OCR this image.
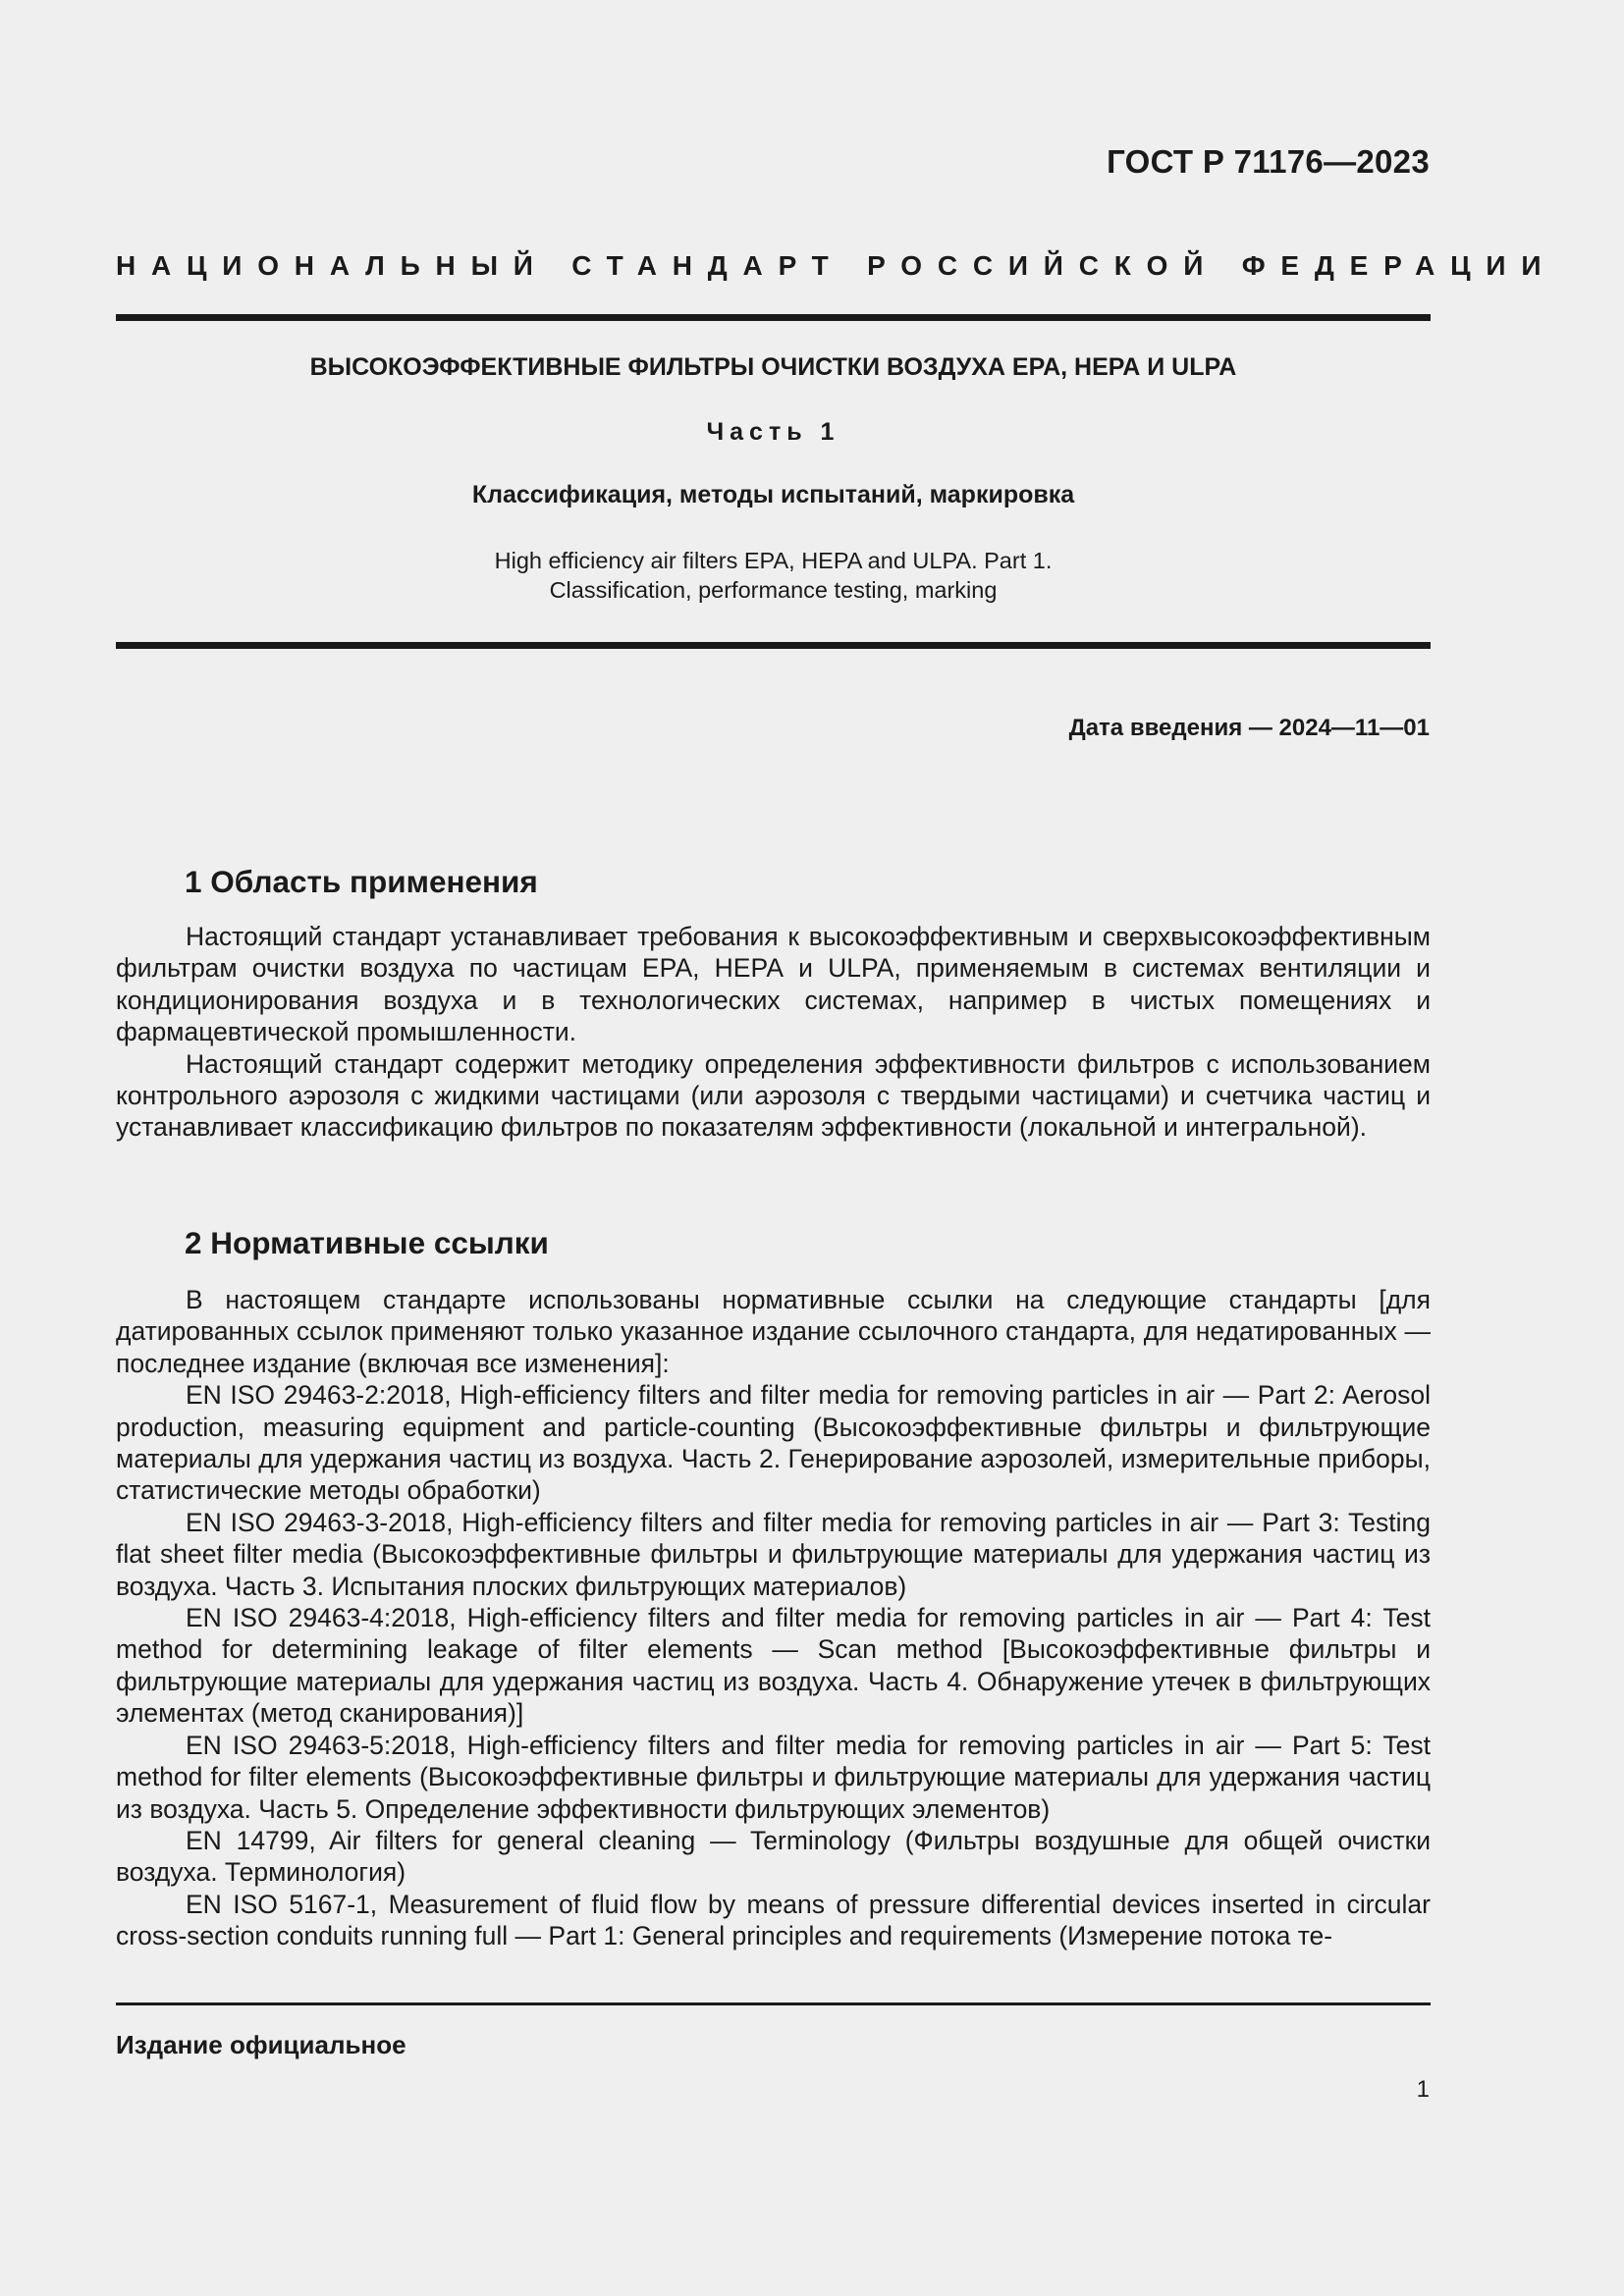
ГОСТ Р 71176—2023
НАЦИОНАЛЬНЫЙ СТАНДАРТ РОССИЙСКОЙ ФЕДЕРАЦИИ
ВЫСОКОЭФФЕКТИВНЫЕ ФИЛЬТРЫ ОЧИСТКИ ВОЗДУХА ЕРА, НЕРА И ULPA
Часть 1
Классификация, методы испытаний, маркировка
High efficiency air filters EPA, HEPA and ULPA. Part 1.
Classification, performance testing, marking
Дата введения — 2024—11—01
1 Область применения

Настоящий стандарт устанавливает требования к высокоэффективным и сверхвысокоэффективным фильтрам очистки воздуха по частицам ЕРА, НЕРА и ULPA, применяемым в системах вентиляции и кондиционирования воздуха и в технологических системах, например в чистых помещениях и фармацевтической промышленности.

Настоящий стандарт содержит методику определения эффективности фильтров с использованием контрольного аэрозоля с жидкими частицами (или аэрозоля с твердыми частицами) и счетчика частиц и устанавливает классификацию фильтров по показателям эффективности (локальной и интегральной).

2 Нормативные ссылки

В настоящем стандарте использованы нормативные ссылки на следующие стандарты [для датированных ссылок применяют только указанное издание ссылочного стандарта, для недатированных — последнее издание (включая все изменения]:

EN ISO 29463-2:2018, High-efficiency filters and filter media for removing particles in air — Part 2: Aerosol production, measuring equipment and particle-counting (Высокоэффективные фильтры и фильтрующие материалы для удержания частиц из воздуха. Часть 2. Генерирование аэрозолей, измерительные приборы, статистические методы обработки)

EN ISO 29463-3-2018, High-efficiency filters and filter media for removing particles in air — Part 3: Testing flat sheet filter media (Высокоэффективные фильтры и фильтрующие материалы для удержания частиц из воздуха. Часть 3. Испытания плоских фильтрующих материалов)

EN ISO 29463-4:2018, High-efficiency filters and filter media for removing particles in air — Part 4: Test method for determining leakage of filter elements — Scan method [Высокоэффективные фильтры и фильтрующие материалы для удержания частиц из воздуха. Часть 4. Обнаружение утечек в фильтрующих элементах (метод сканирования)]

EN ISO 29463-5:2018, High-efficiency filters and filter media for removing particles in air — Part 5: Test method for filter elements (Высокоэффективные фильтры и фильтрующие материалы для удержания частиц из воздуха. Часть 5. Определение эффективности фильтрующих элементов)

EN 14799, Air filters for general cleaning — Terminology (Фильтры воздушные для общей очистки воздуха. Терминология)

EN ISO 5167-1, Measurement of fluid flow by means of pressure differential devices inserted in circular cross-section conduits running full — Part 1: General principles and requirements (Измерение потока те-

Издание официальное
1
